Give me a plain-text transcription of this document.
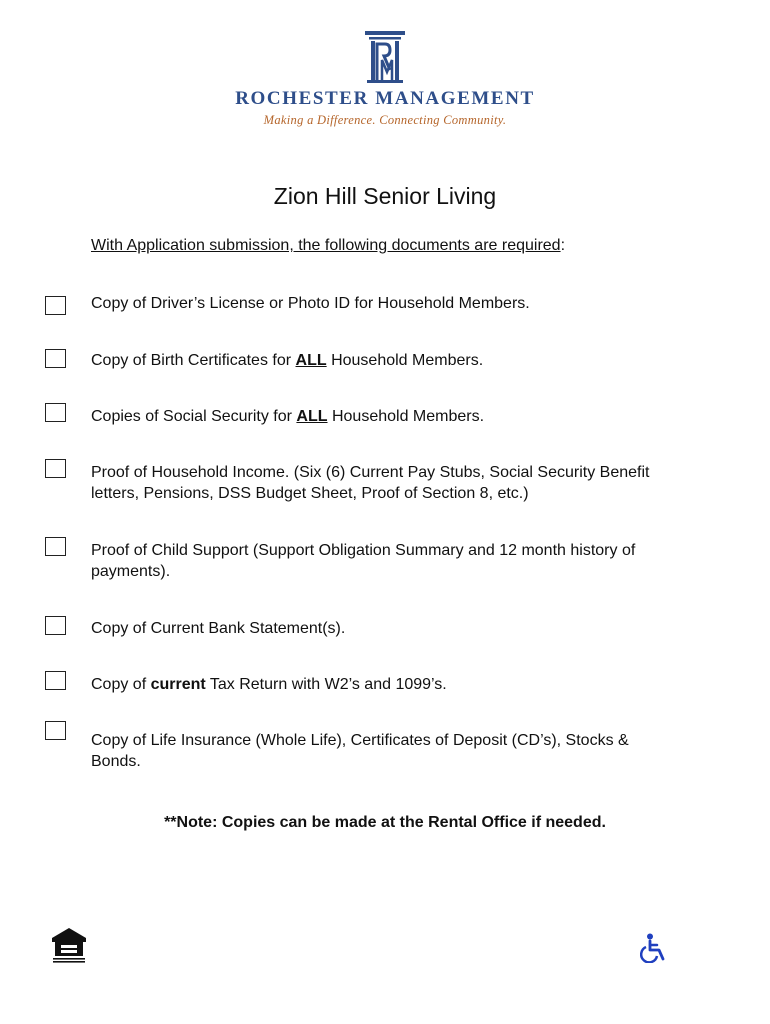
ROCHESTER MANAGEMENT
Making a Difference. Connecting Community.
Zion Hill Senior Living
With Application submission, the following documents are required:
Copy of Driver’s License or Photo ID for Household Members.
Copy of Birth Certificates for ALL Household Members.
Copies of Social Security for ALL Household Members.
Proof of Household Income. (Six (6) Current Pay Stubs, Social Security Benefit
letters, Pensions, DSS Budget Sheet, Proof of Section 8, etc.)
Proof of Child Support (Support Obligation Summary and 12 month history of
payments).
Copy of Current Bank Statement(s).
Copy of current Tax Return with W2’s and 1099’s.
Copy of Life Insurance (Whole Life), Certificates of Deposit (CD’s), Stocks &
Bonds.
**Note: Copies can be made at the Rental Office if needed.
